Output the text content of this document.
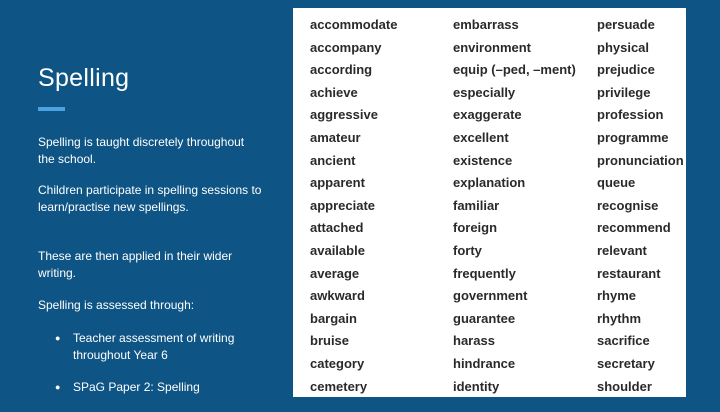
Spelling

Spelling is taught discretely throughout the school.

Children participate in spelling sessions to learn/practise new spellings.

These are then applied in their wider writing.

Spelling is assessed through:

● Teacher assessment of writing throughout Year 6
● SPaG Paper 2: Spelling
accommodate
accompany
according
achieve
aggressive
amateur
ancient
apparent
appreciate
attached
available
average
awkward
bargain
bruise
category
cemetery
embarrass
environment
equip (–ped, –ment)
especially
exaggerate
excellent
existence
explanation
familiar
foreign
forty
frequently
government
guarantee
harass
hindrance
identity
persuade
physical
prejudice
privilege
profession
programme
pronunciation
queue
recognise
recommend
relevant
restaurant
rhyme
rhythm
sacrifice
secretary
shoulder
